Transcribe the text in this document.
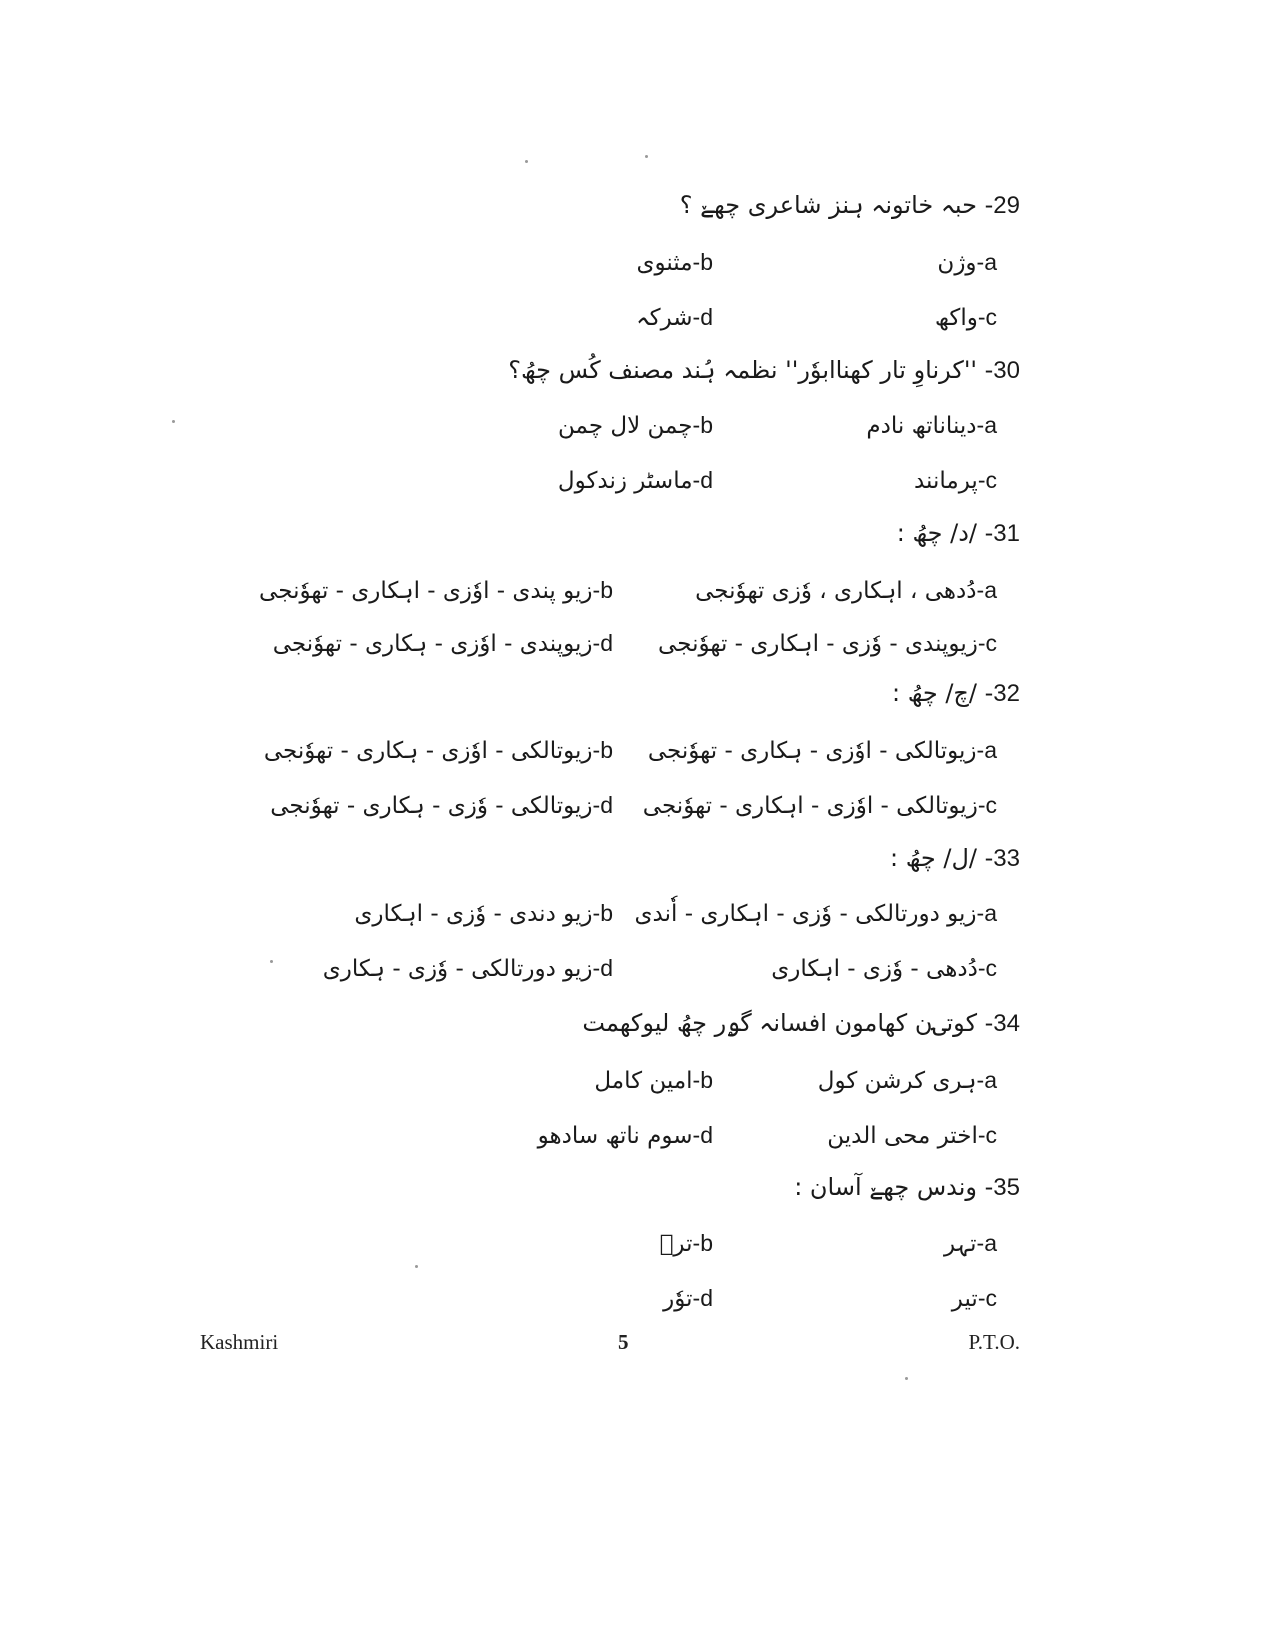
29- حبہ خاتونہ ہنز شاعری چھےٚ ؟
a-وژن
b-مثنوی
c-واکھ
d-شرکہ
30- ''کرناوِ تار کھناابوٗر'' نظمہ ہُند مصنف کُس چھُ؟
a-دیناناتھ نادم
b-چمن لال چمن
c-پرمانند
d-ماسٹر زندکول
31- /د/ چھُ :
a-دُدھی ، اہکاری ، وٗزی تھوٗنجی
b-زیو پندی - اوٗزی - اہکاری - تھوٗنجی
c-زیوپندی - وٗزی - اہکاری - تھوٗنجی
d-زیوپندی - اوٗزی - ہکاری - تھوٗنجی
32- /چ/ چھُ :
a-زیوتالکی - اوٗزی - ہکاری - تھوٗنجی
b-زیوتالکی - اوٗزی - ہکاری - تھوٗنجی
c-زیوتالکی - اوٗزی - اہکاری - تھوٗنجی
d-زیوتالکی - وٗزی - ہکاری - تھوٗنجی
33- /ل/ چھُ :
a-زیو دورتالکی - وٗزی - اہکاری - اٗندی
b-زیو دندی - وٗزی - اہکاری
c-دُدھی - وٗزی - اہکاری
d-زیو دورتالکی - وٗزی - ہکاری
34- کوتۍن کھامون افسانہ گۄر چھُ لیوکھمت
a-ہری کرشن کول
b-امین کامل
c-اختر محی الدین
d-سوم ناتھ سادھو
35- وندس چھےٚ آسان :
a-تہر
b-ترٛ
c-تیر
d-توٗر
Kashmiri	5	P.T.O.
